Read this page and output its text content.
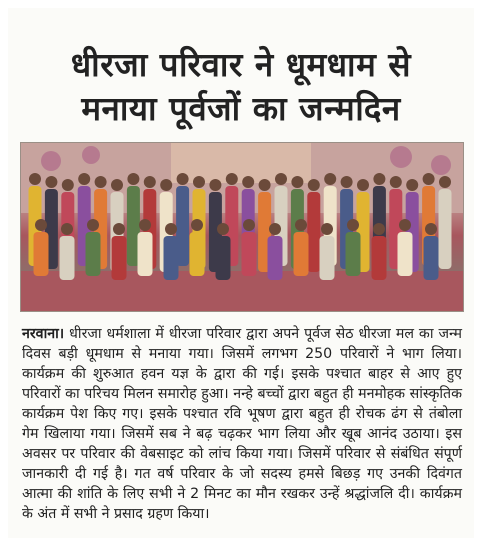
धीरजा परिवार ने धूमधाम से
मनाया पूर्वजों का जन्मदिन
नरवाना। धीरजा धर्मशाला में धीरजा परिवार द्वारा अपने पूर्वज सेठ धीरजा मल का जन्म दिवस बड़ी धूमधाम से मनाया गया। जिसमें लगभग 250 परिवारों ने भाग लिया। कार्यक्रम की शुरुआत हवन यज्ञ के द्वारा की गई। इसके पश्चात बाहर से आए हुए परिवारों का परिचय मिलन समारोह हुआ। नन्हे बच्चों द्वारा बहुत ही मनमोहक सांस्कृतिक कार्यक्रम पेश किए गए। इसके पश्चात रवि भूषण द्वारा बहुत ही रोचक ढंग से तंबोला गेम खिलाया गया। जिसमें सब ने बढ़ चढ़कर भाग लिया और खूब आनंद उठाया। इस अवसर पर परिवार की वेबसाइट को लांच किया गया। जिसमें परिवार से संबंधित संपूर्ण जानकारी दी गई है। गत वर्ष परिवार के जो सदस्य हमसे बिछड़ गए उनकी दिवंगत आत्मा की शांति के लिए सभी ने 2 मिनट का मौन रखकर उन्हें श्रद्धांजलि दी। कार्यक्रम के अंत में सभी ने प्रसाद ग्रहण किया।
